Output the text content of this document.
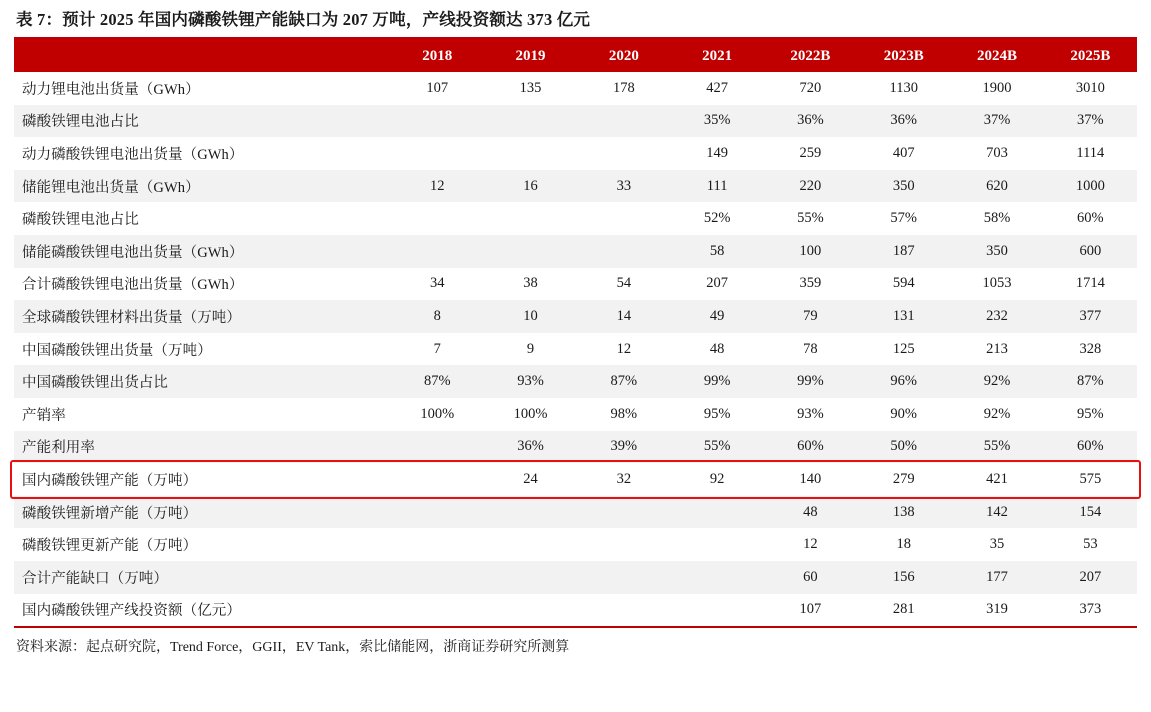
表 7：预计 2025 年国内磷酸铁锂产能缺口为 207 万吨，产线投资额达 373 亿元
	2018	2019	2020	2021	2022B	2023B	2024B	2025B
动力锂电池出货量（GWh）	107	135	178	427	720	1130	1900	3010
磷酸铁锂电池占比				35%	36%	36%	37%	37%
动力磷酸铁锂电池出货量（GWh）				149	259	407	703	1114
储能锂电池出货量（GWh）	12	16	33	111	220	350	620	1000
磷酸铁锂电池占比				52%	55%	57%	58%	60%
储能磷酸铁锂电池出货量（GWh）				58	100	187	350	600
合计磷酸铁锂电池出货量（GWh）	34	38	54	207	359	594	1053	1714
全球磷酸铁锂材料出货量（万吨）	8	10	14	49	79	131	232	377
中国磷酸铁锂出货量（万吨）	7	9	12	48	78	125	213	328
中国磷酸铁锂出货占比	87%	93%	87%	99%	99%	96%	92%	87%
产销率	100%	100%	98%	95%	93%	90%	92%	95%
产能利用率		36%	39%	55%	60%	50%	55%	60%
国内磷酸铁锂产能（万吨）		24	32	92	140	279	421	575
磷酸铁锂新增产能（万吨）					48	138	142	154
磷酸铁锂更新产能（万吨）					12	18	35	53
合计产能缺口（万吨）					60	156	177	207
国内磷酸铁锂产线投资额（亿元）					107	281	319	373
资料来源：起点研究院，Trend Force，GGII，EV Tank，索比储能网，浙商证券研究所测算
